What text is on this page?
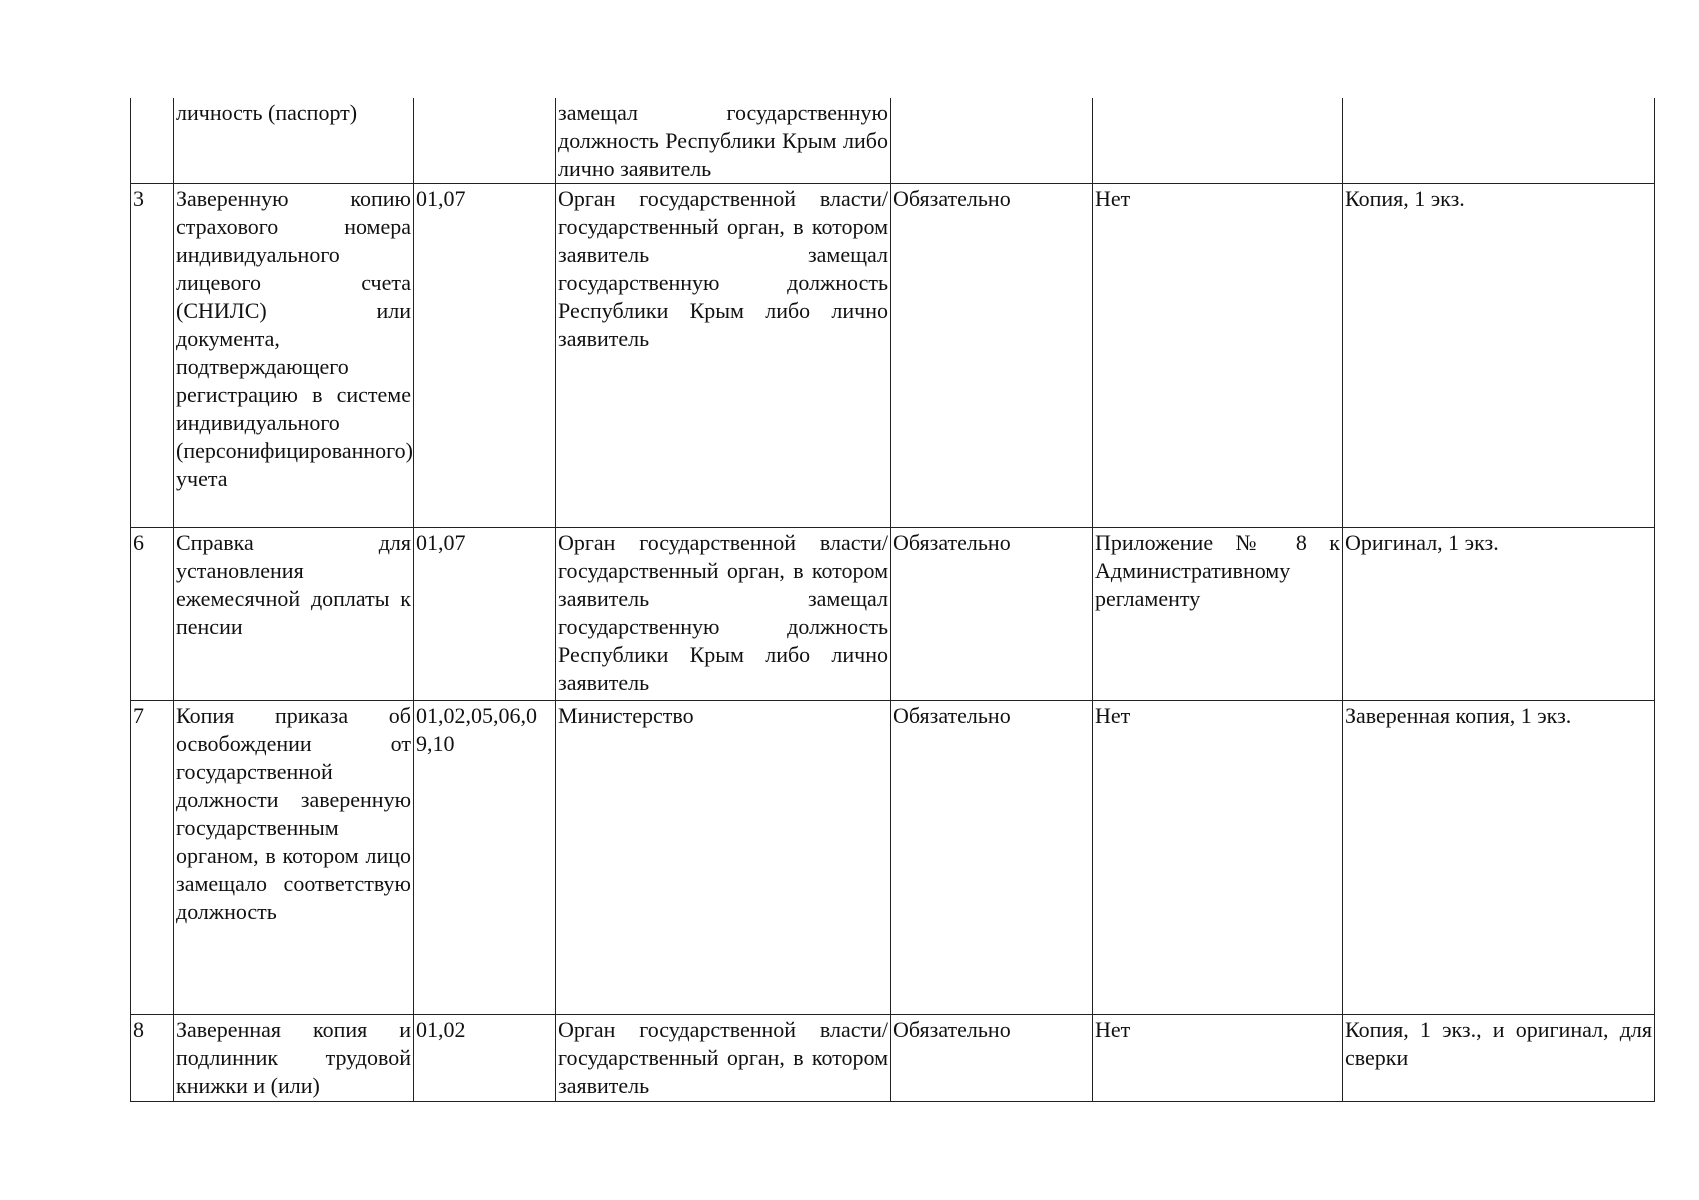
	личность (паспорт)		замещал государственную должность Республики Крым либо лично заявитель			
3	Заверенную копию страхового номера индивидуального лицевого счета (СНИЛС) или документа, подтверждающего регистрацию в системе индивидуального (персонифицированного) учета	01,07	Орган государственной власти/государственный орган, в котором заявитель замещал государственную должность Республики Крым либо лично заявитель	Обязательно	Нет	Копия, 1 экз.
6	Справка для установления ежемесячной доплаты к пенсии	01,07	Орган государственной власти/государственный орган, в котором заявитель замещал государственную должность Республики Крым либо лично заявитель	Обязательно	Приложение № 8 к Административному регламенту	Оригинал, 1 экз.
7	Копия приказа об освобождении от государственной должности заверенную государственным органом, в котором лицо замещало соответствую должность	01,02,05,06,09,10	Министерство	Обязательно	Нет	Заверенная копия, 1 экз.
8	Заверенная копия и подлинник трудовой книжки и (или)	01,02	Орган государственной власти/государственный орган, в котором заявитель	Обязательно	Нет	Копия, 1 экз., и оригинал, для сверки
